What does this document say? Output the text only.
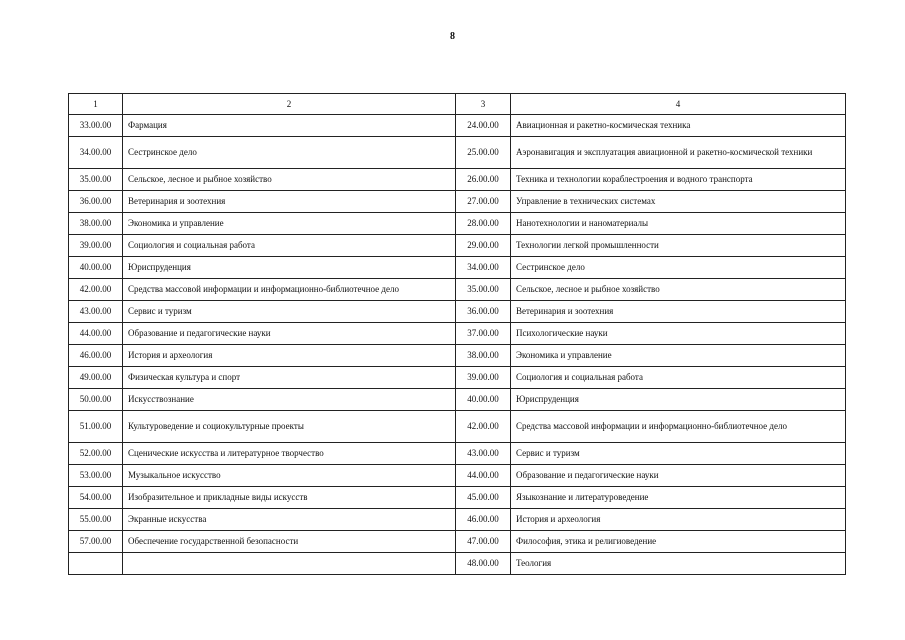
8
1	2	3	4
33.00.00	Фармация	24.00.00	Авиационная и ракетно-космическая техника
34.00.00	Сестринское дело	25.00.00	Аэронавигация и эксплуатация авиационной и ракетно-космической техники
35.00.00	Сельское, лесное и рыбное хозяйство	26.00.00	Техника и технологии кораблестроения и водного транспорта
36.00.00	Ветеринария и зоотехния	27.00.00	Управление в технических системах
38.00.00	Экономика и управление	28.00.00	Нанотехнологии и наноматериалы
39.00.00	Социология и социальная работа	29.00.00	Технологии легкой промышленности
40.00.00	Юриспруденция	34.00.00	Сестринское дело
42.00.00	Средства массовой информации и информационно-библиотечное дело	35.00.00	Сельское, лесное и рыбное хозяйство
43.00.00	Сервис и туризм	36.00.00	Ветеринария и зоотехния
44.00.00	Образование и педагогические науки	37.00.00	Психологические науки
46.00.00	История и археология	38.00.00	Экономика и управление
49.00.00	Физическая культура и спорт	39.00.00	Социология и социальная работа
50.00.00	Искусствознание	40.00.00	Юриспруденция
51.00.00	Культуроведение и социокультурные проекты	42.00.00	Средства массовой информации и информационно-библиотечное дело
52.00.00	Сценические искусства и литературное творчество	43.00.00	Сервис и туризм
53.00.00	Музыкальное искусство	44.00.00	Образование и педагогические науки
54.00.00	Изобразительное и прикладные виды искусств	45.00.00	Языкознание и литературоведение
55.00.00	Экранные искусства	46.00.00	История и археология
57.00.00	Обеспечение государственной безопасности	47.00.00	Философия, этика и религиоведение
		48.00.00	Теология
